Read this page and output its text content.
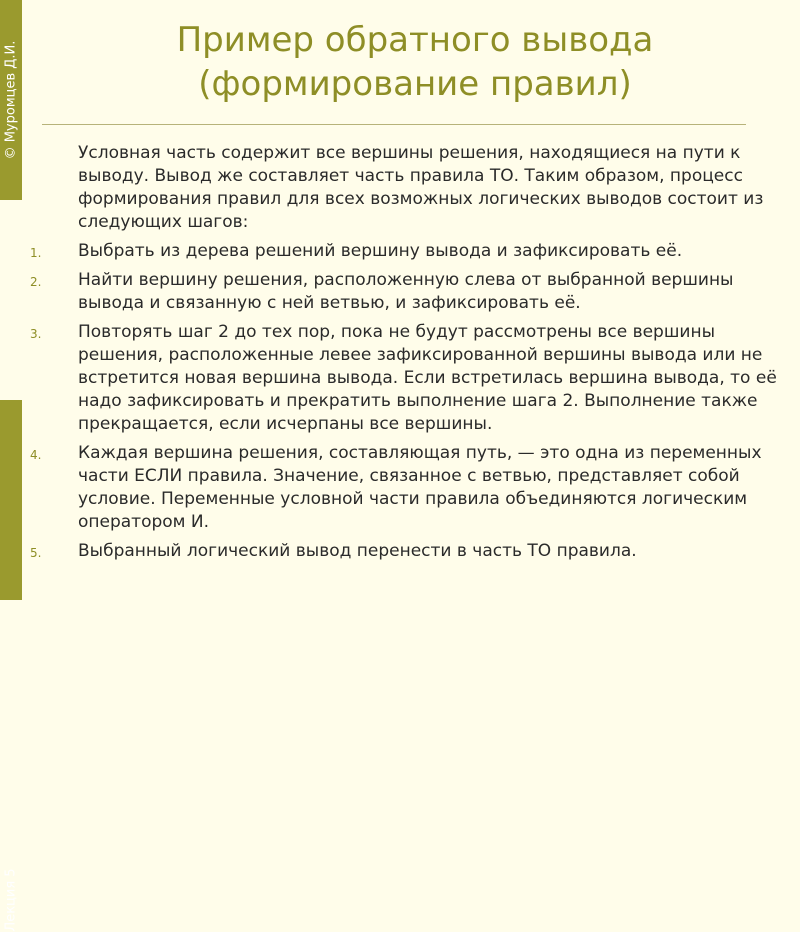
© Муромцев Д.И.
Лекция 5
Пример обратного вывода
(формирование правил)

Условная часть содержит все вершины решения, находящиеся на пути к выводу. Вывод же составляет часть правила ТО. Таким образом, процесс формирования правил для всех возможных логических выводов состоит из следующих шагов:

1. Выбрать из дерева решений вершину вывода и зафиксировать её.
2. Найти вершину решения, расположенную слева от выбранной вершины вывода и связанную с ней ветвью, и зафиксировать её.
3. Повторять шаг 2 до тех пор, пока не будут рассмотрены все вершины решения, расположенные левее зафиксированной вершины вывода или не встретится новая вершина вывода. Если встретилась вершина вывода, то её надо зафиксировать и прекратить выполнение шага 2. Выполнение также прекращается, если исчерпаны все вершины.
4. Каждая вершина решения, составляющая путь, — это одна из переменных части ЕСЛИ правила. Значение, связанное с ветвью, представляет собой условие. Переменные условной части правила объединяются логическим оператором И.
5. Выбранный логический вывод перенести в часть ТО правила.
